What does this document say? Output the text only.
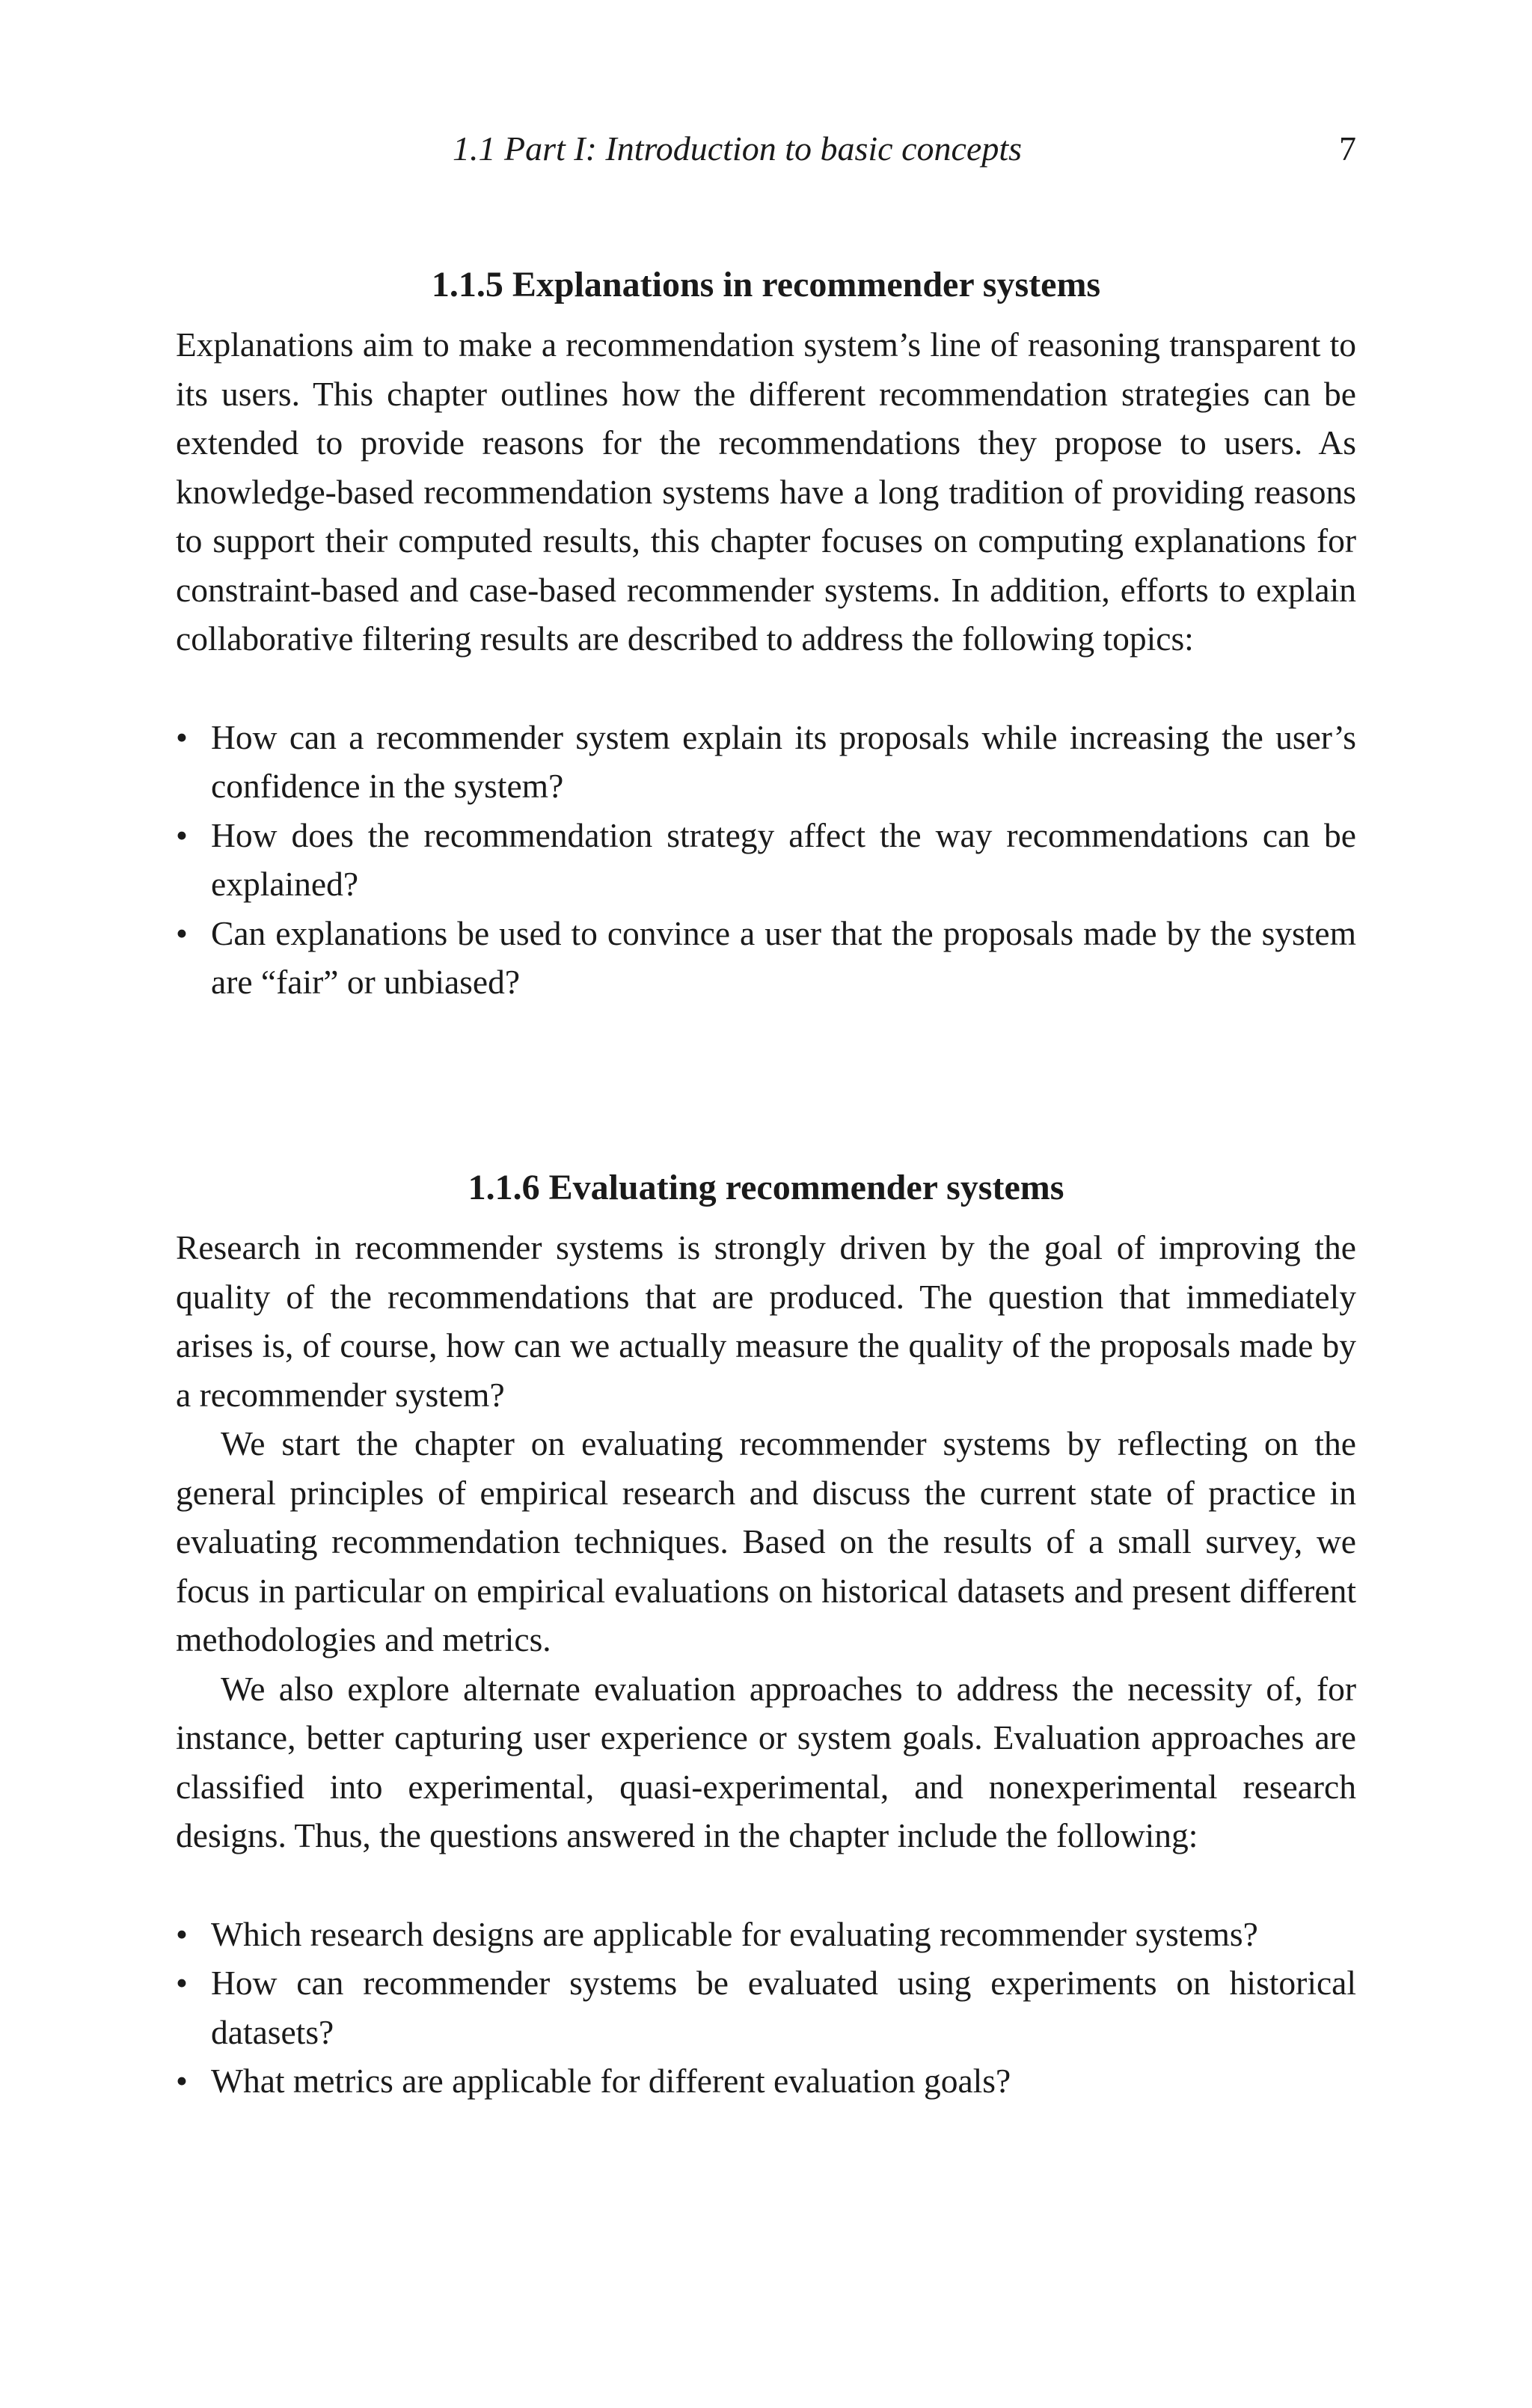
1.1 Part I: Introduction to basic concepts	7
1.1.5 Explanations in recommender systems

Explanations aim to make a recommendation system’s line of reasoning transparent to its users. This chapter outlines how the different recommendation strategies can be extended to provide reasons for the recommendations they propose to users. As knowledge-based recommendation systems have a long tradition of providing reasons to support their computed results, this chapter focuses on computing explanations for constraint-based and case-based recommender systems. In addition, efforts to explain collaborative filtering results are described to address the following topics:

• How can a recommender system explain its proposals while increasing the user’s confidence in the system?
• How does the recommendation strategy affect the way recommendations can be explained?
• Can explanations be used to convince a user that the proposals made by the system are “fair” or unbiased?
1.1.6 Evaluating recommender systems

Research in recommender systems is strongly driven by the goal of improving the quality of the recommendations that are produced. The question that immediately arises is, of course, how can we actually measure the quality of the proposals made by a recommender system?

We start the chapter on evaluating recommender systems by reflecting on the general principles of empirical research and discuss the current state of practice in evaluating recommendation techniques. Based on the results of a small survey, we focus in particular on empirical evaluations on historical datasets and present different methodologies and metrics.

We also explore alternate evaluation approaches to address the necessity of, for instance, better capturing user experience or system goals. Evaluation approaches are classified into experimental, quasi-experimental, and nonexperimental research designs. Thus, the questions answered in the chapter include the following:

• Which research designs are applicable for evaluating recommender systems?
• How can recommender systems be evaluated using experiments on historical datasets?
• What metrics are applicable for different evaluation goals?
